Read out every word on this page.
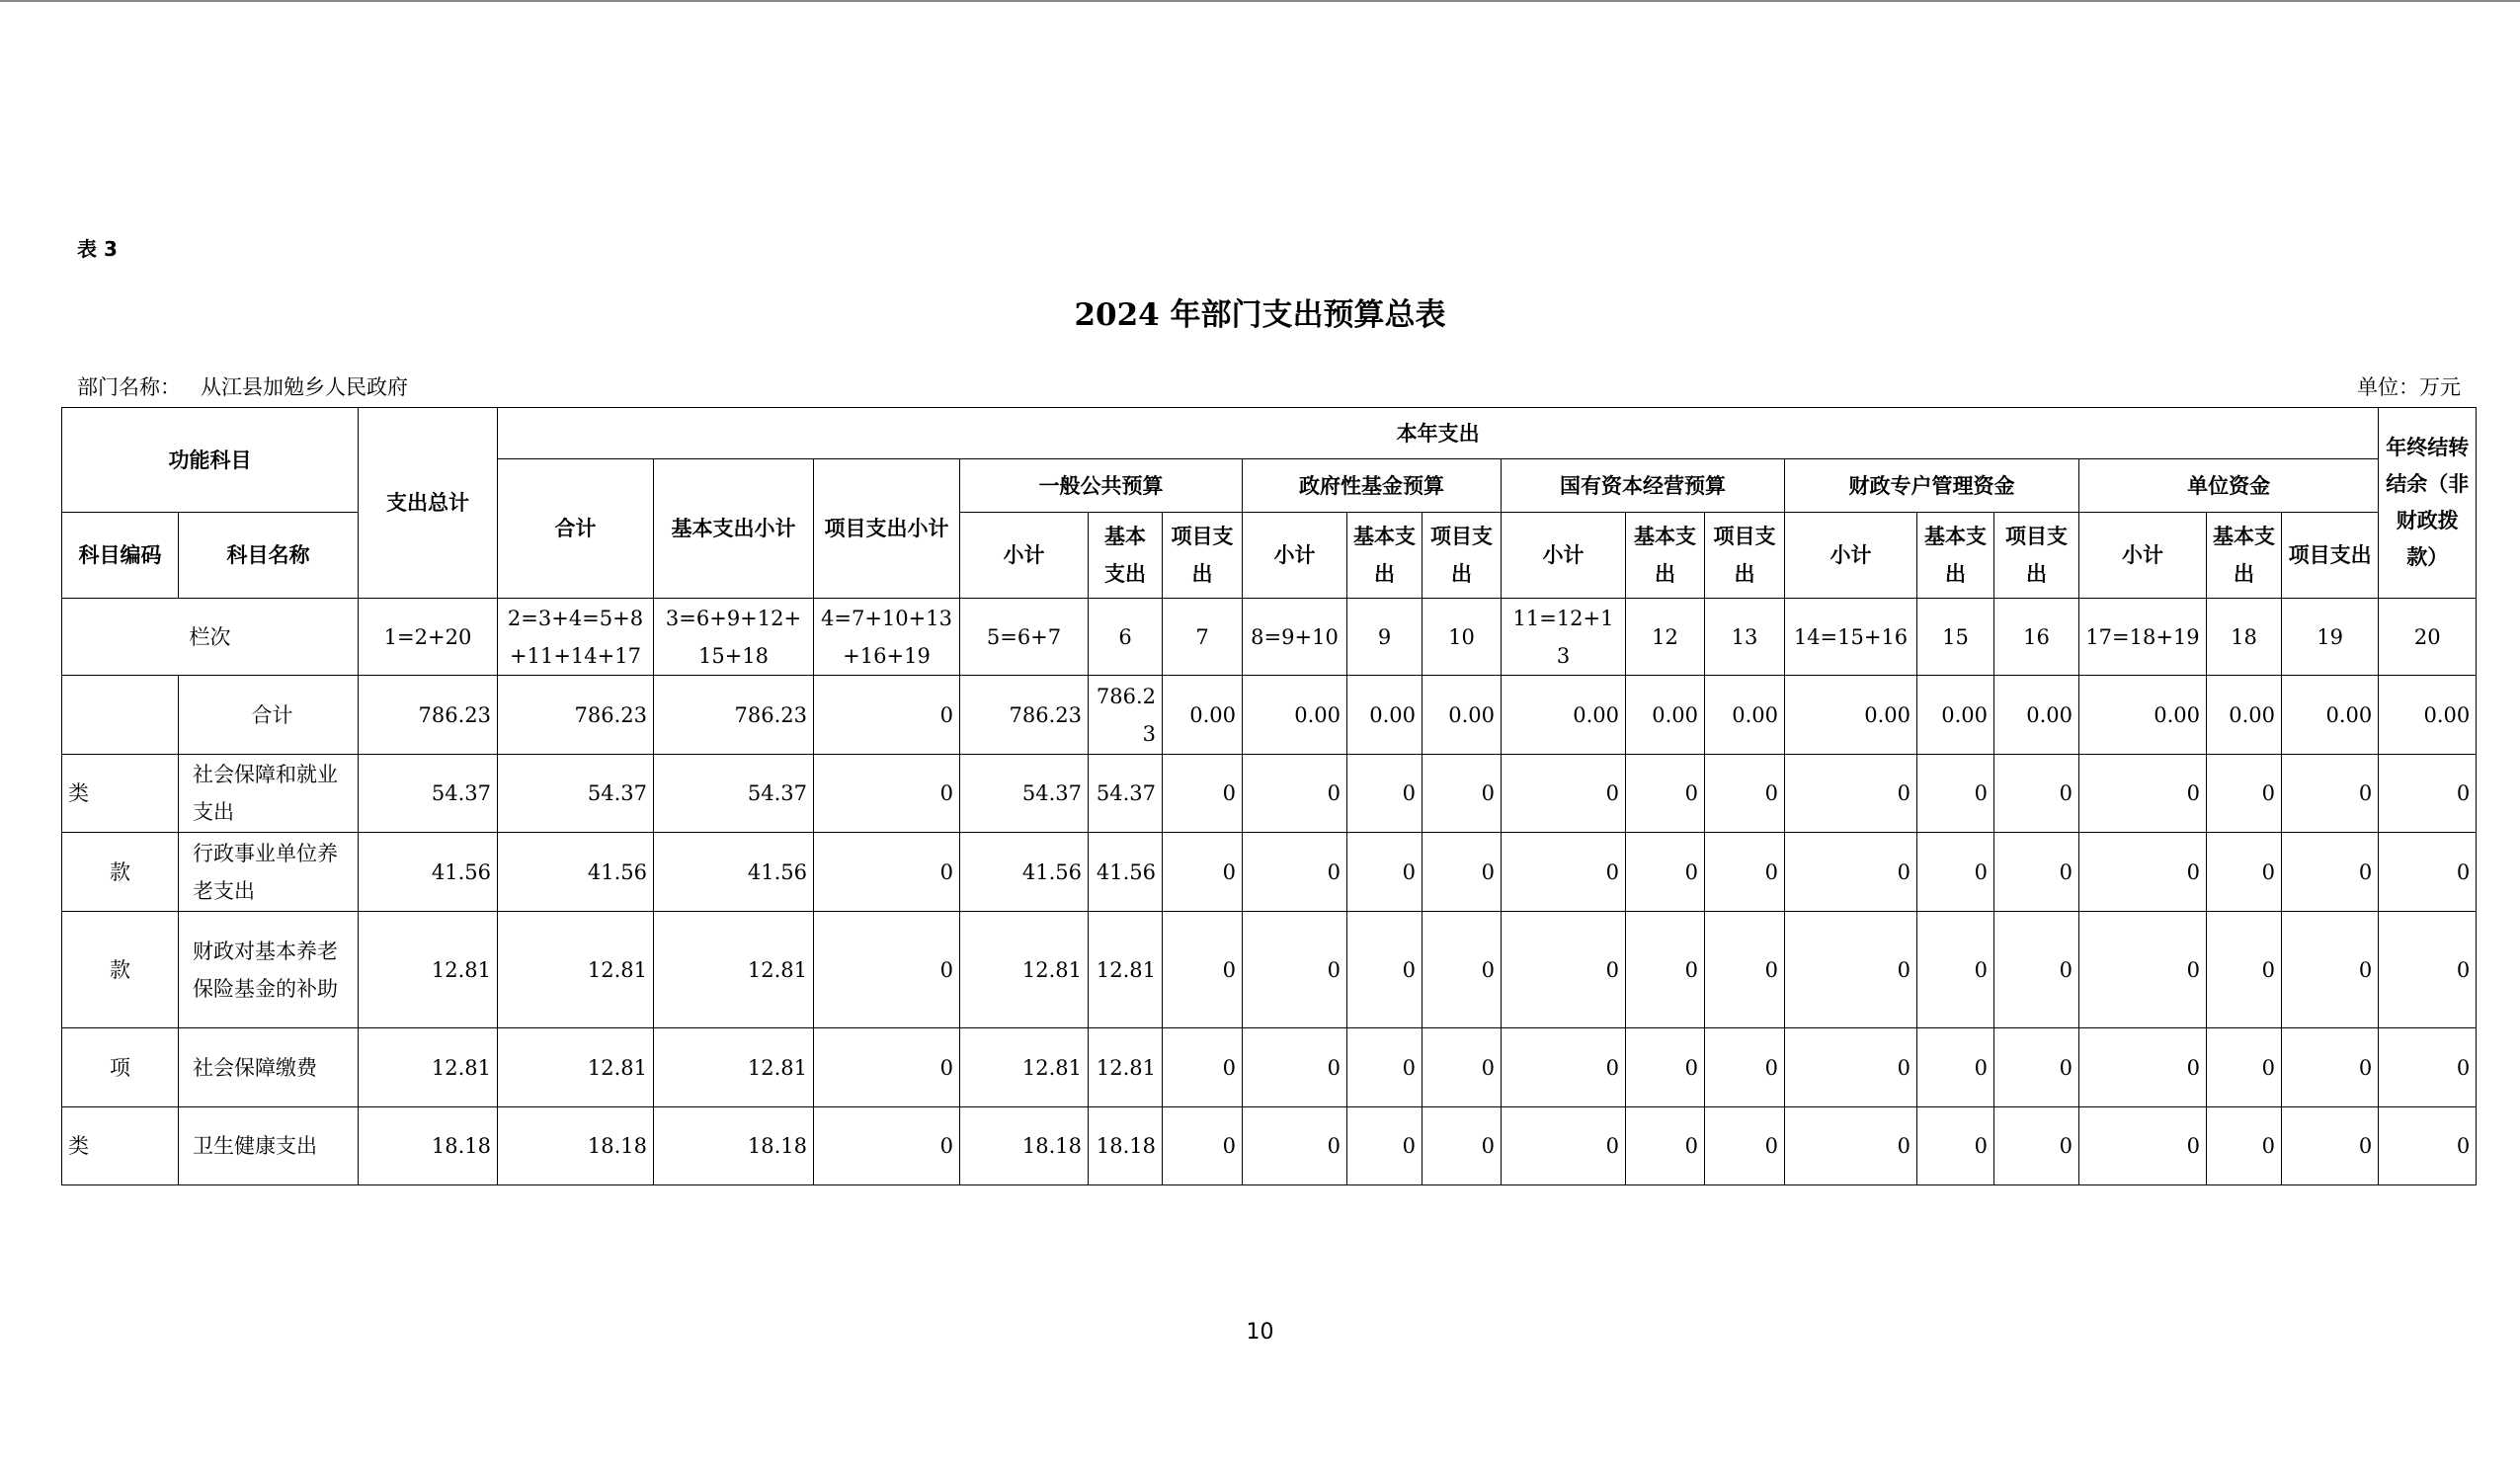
表 3
2024 年部门支出预算总表
部门名称： 从江县加勉乡人民政府	单位：万元
功能科目		支出总计	本年支出																		年终结转结余（非财政拨款）
			合计	基本支出小计	项目支出小计	一般公共预算			政府性基金预算			国有资本经营预算			财政专户管理资金			单位资金			
科目编码	科目名称					小计	基本支出	项目支出	小计	基本支出	项目支出	小计	基本支出	项目支出	小计	基本支出	项目支出	小计	基本支出	项目支出	
栏次		1=2+20	2=3+4=5+8+11+14+17	3=6+9+12+15+18	4=7+10+13+16+19	5=6+7	6	7	8=9+10	9	10	11=12+13	12	13	14=15+16	15	16	17=18+19	18	19	20
	合计	786.23	786.23	786.23	0	786.23	786.23	0.00	0.00	0.00	0.00	0.00	0.00	0.00	0.00	0.00	0.00	0.00	0.00	0.00	0.00
类	社会保障和就业支出	54.37	54.37	54.37	0	54.37	54.37	0	0	0	0	0	0	0	0	0	0	0	0	0	0
款	行政事业单位养老支出	41.56	41.56	41.56	0	41.56	41.56	0	0	0	0	0	0	0	0	0	0	0	0	0	0
款	财政对基本养老保险基金的补助	12.81	12.81	12.81	0	12.81	12.81	0	0	0	0	0	0	0	0	0	0	0	0	0	0
项	社会保障缴费	12.81	12.81	12.81	0	12.81	12.81	0	0	0	0	0	0	0	0	0	0	0	0	0	0
类	卫生健康支出	18.18	18.18	18.18	0	18.18	18.18	0	0	0	0	0	0	0	0	0	0	0	0	0	0
10
